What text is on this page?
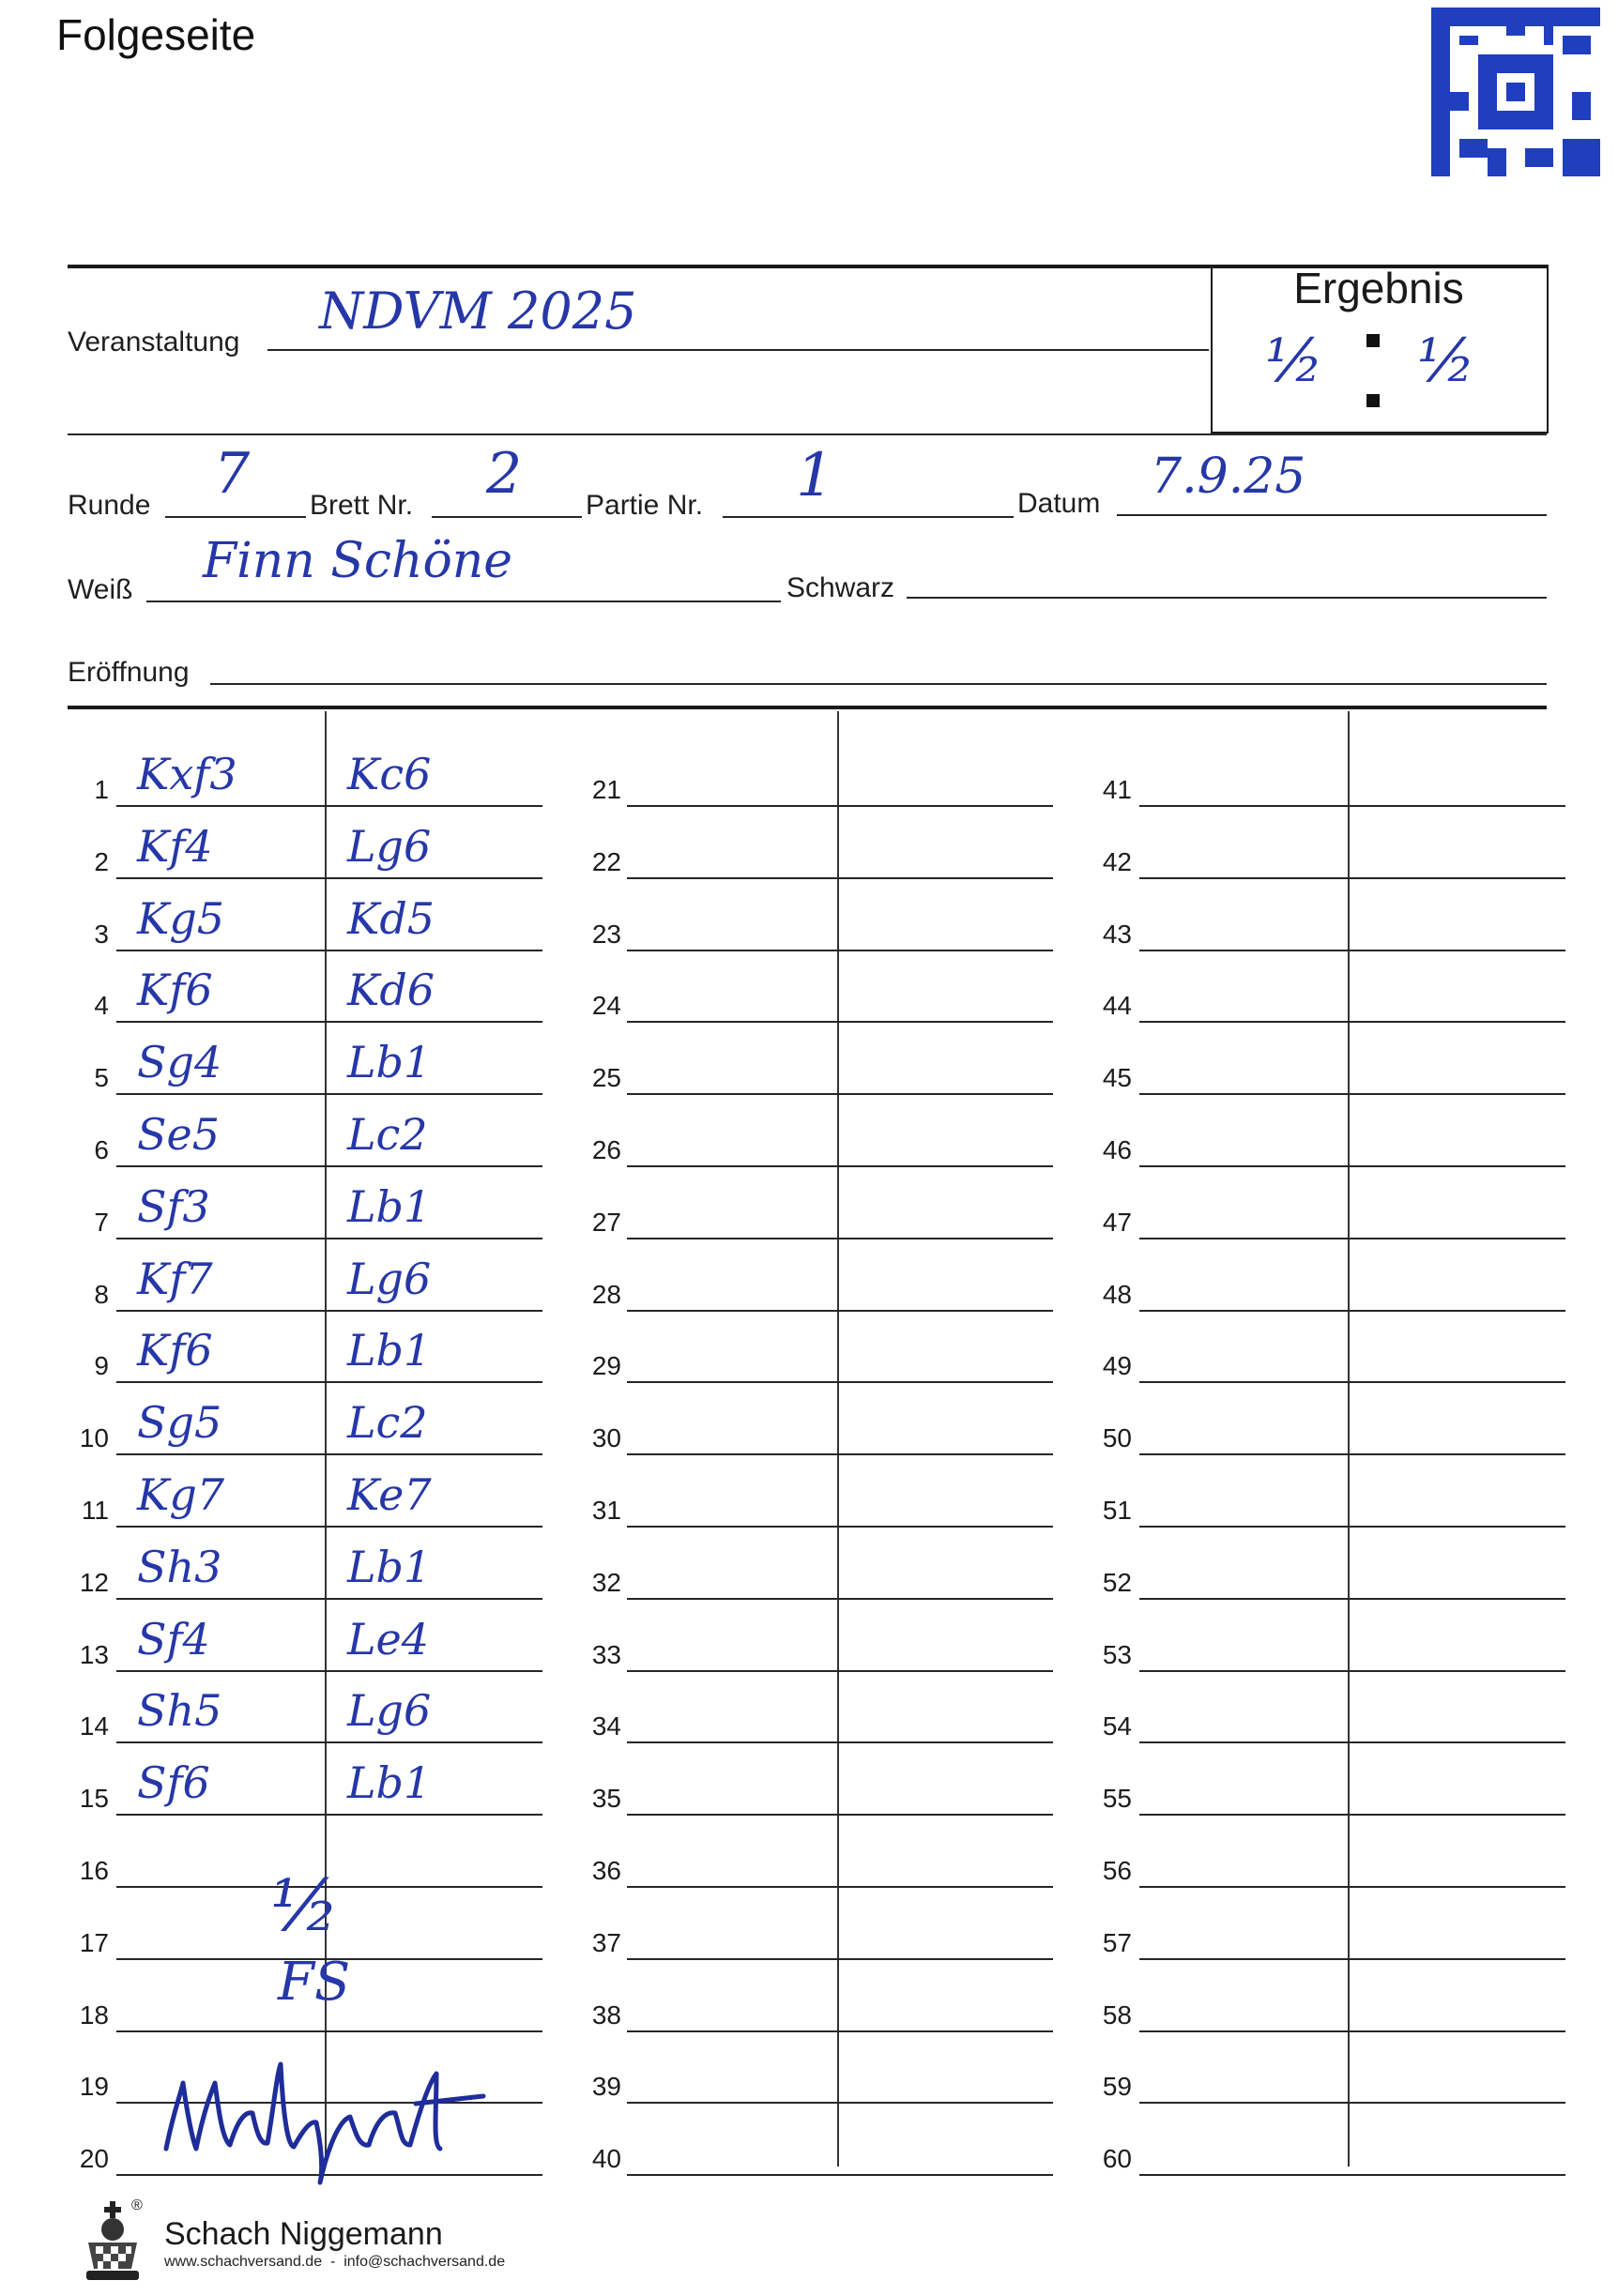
Folgeseite
Ergebnis
½ ½
Veranstaltung
NDVM 2025
Runde 7 Brett Nr. 2 Partie Nr. 1	Datum 7.9.25
Weiß
Finn Schöne	Schwarz
Eröffnung
1 Kxf3	Kc6
2 Kf4	Lg6
3 Kg5	Kd5
4 Kf6	Kd6
5 Sg4	Lb1
6 Se5	Lc2
7 Sf3	Lb1
8 Kf7	Lg6
9 Kf6	Lb1
10 Sg5	Lc2
11 Kg7	Ke7
12 Sh3	Lb1
13 Sf4	Le4
14 Sh5	Lg6
15 Sf6	Lb1
16
17
18
19
20
21
22
23
24
25
26
27
28
29
30
31
32
33
34
35
36
37
38
39
40
41
42
43
44
45
46
47
48
49
50
51
52
53
54
55
56
57
58
59
60
½
FS
®
Schach Niggemann
www.schachversand.de  -  info@schachversand.de
